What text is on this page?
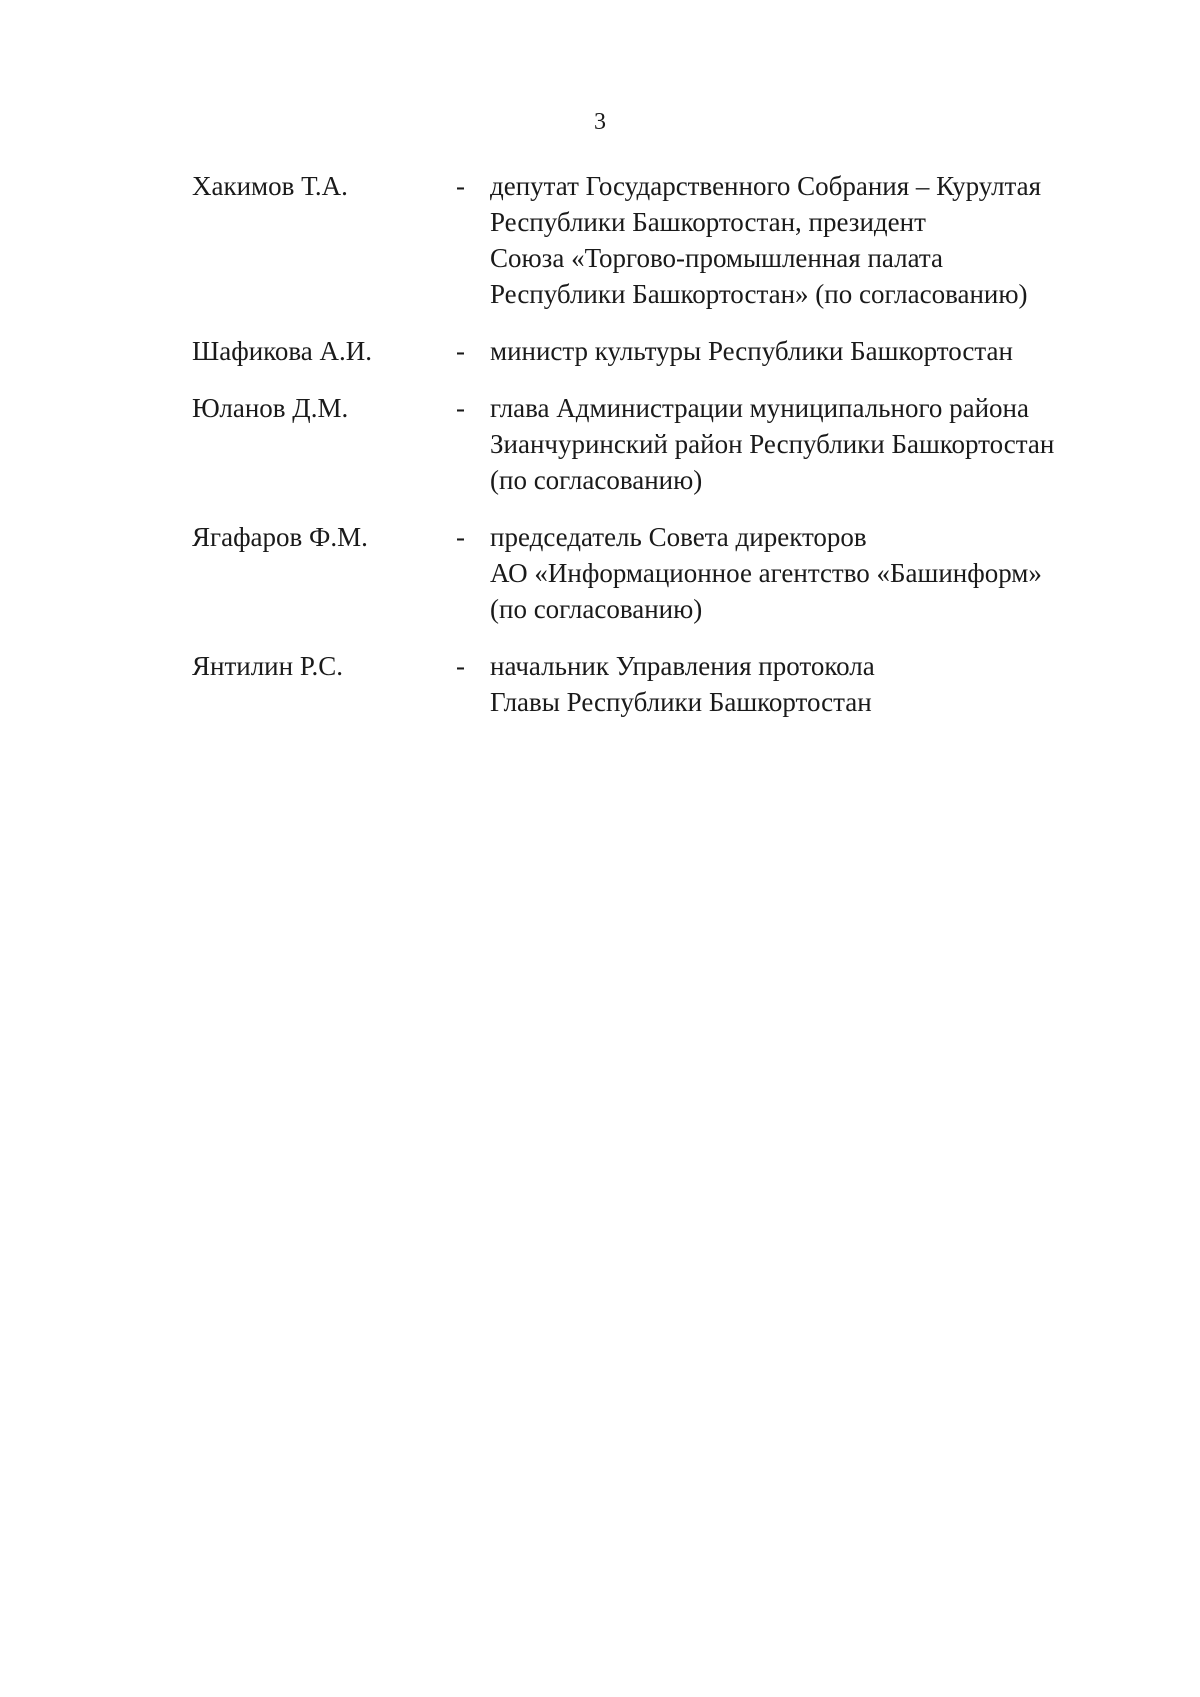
3
Хакимов Т.А.	- депутат Государственного Собрания – Курултая
Республики Башкортостан, президент
Союза «Торгово-промышленная палата
Республики Башкортостан» (по согласованию)
Шафикова А.И.	- министр культуры Республики Башкортостан
Юланов Д.М.	- глава Администрации муниципального района
Зианчуринский район Республики Башкортостан
(по согласованию)
Ягафаров Ф.М.	- председатель Совета директоров
АО «Информационное агентство «Башинформ»
(по согласованию)
Янтилин Р.С.	- начальник Управления протокола
Главы Республики Башкортостан
